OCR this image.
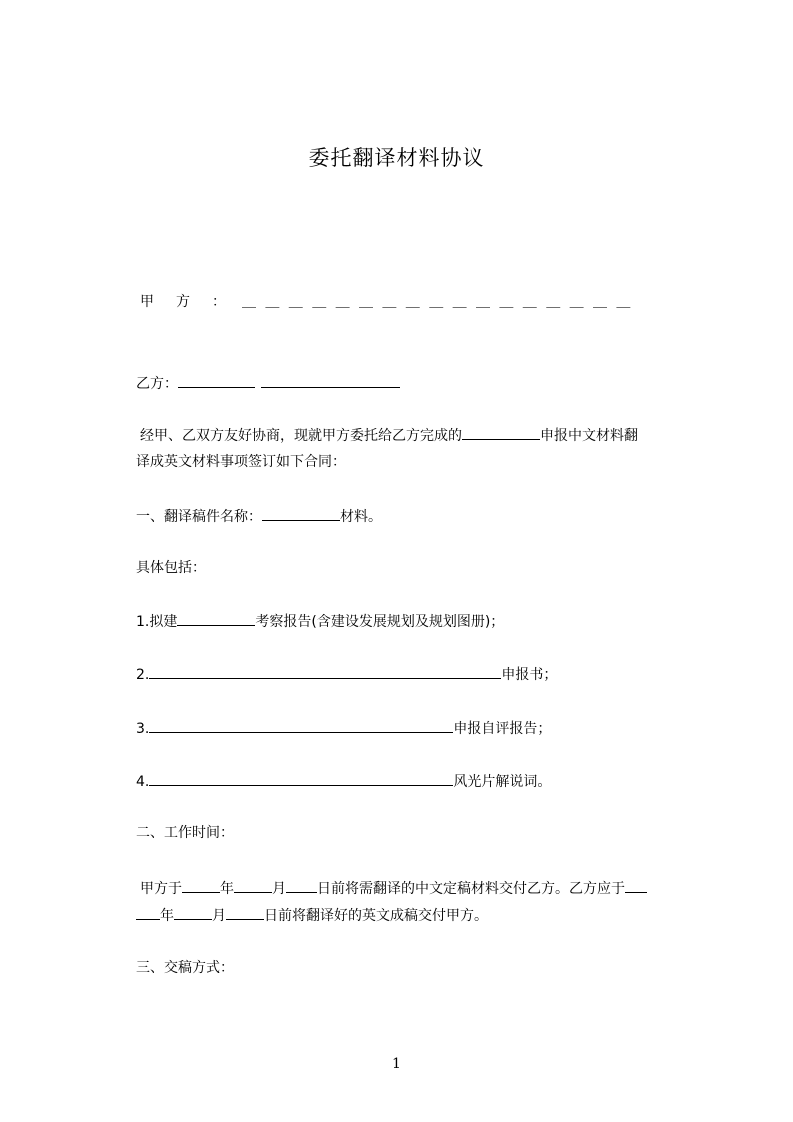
委托翻译材料协议
甲 方 ： ＿＿＿＿＿＿＿＿＿＿＿＿＿＿＿＿＿
乙方：
经甲、乙双方友好协商，现就甲方委托给乙方完成的	申报中文材料翻
译成英文材料事项签订如下合同：
一、翻译稿件名称：	材料。
具体包括：
1.拟建	考察报告(含建设发展规划及规划图册)；
2.	申报书；
3.	申报自评报告；
4.	风光片解说词。
二、工作时间：
甲方于	年	月 日前将需翻译的中文定稿材料交付乙方。乙方应于
年	月	日前将翻译好的英文成稿交付甲方。
三、交稿方式：
1
